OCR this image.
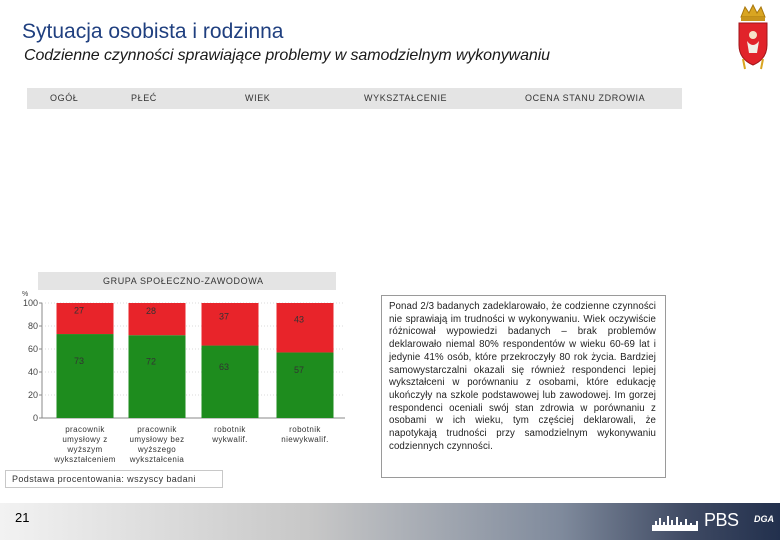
Sytuacja osobista i rodzinna
Codzienne czynności sprawiające problemy w samodzielnym wykonywaniu
OGÓŁ	PŁEĆ	WIEK	WYKSZTAŁCENIE	OCENA STANU ZDROWIA
GRUPA SPOŁECZNO-ZAWODOWA
%
100
80
60
40
20
0
73
27
pracownik
umysłowy z
wyższym
wykształceniem
72
28
pracownik
umysłowy bez
wyższego
wykształcenia
63
37
robotnik
wykwalif.
57
43
robotnik
niewykwalif.
Podstawa procentowania: wszyscy badani
Ponad 2/3 badanych zadeklarowało, że codzienne czynności nie sprawiają im trudności w wykonywaniu. Wiek oczywiście różnicował wypowiedzi badanych – brak problemów deklarowało niemal 80% respondentów w wieku 60-69 lat i jedynie 41% osób, które przekroczyły 80 rok życia. Bardziej samowystarczalni okazali się również respondenci lepiej wykształceni w porównaniu z osobami, które edukację ukończyły na szkole podstawowej lub zawodowej. Im gorzej respondenci oceniali swój stan zdrowia w porównaniu z osobami w ich wieku, tym częściej deklarowali, że napotykają trudności przy samodzielnym wykonywaniu codziennych czynności.
21	PBS DGA
